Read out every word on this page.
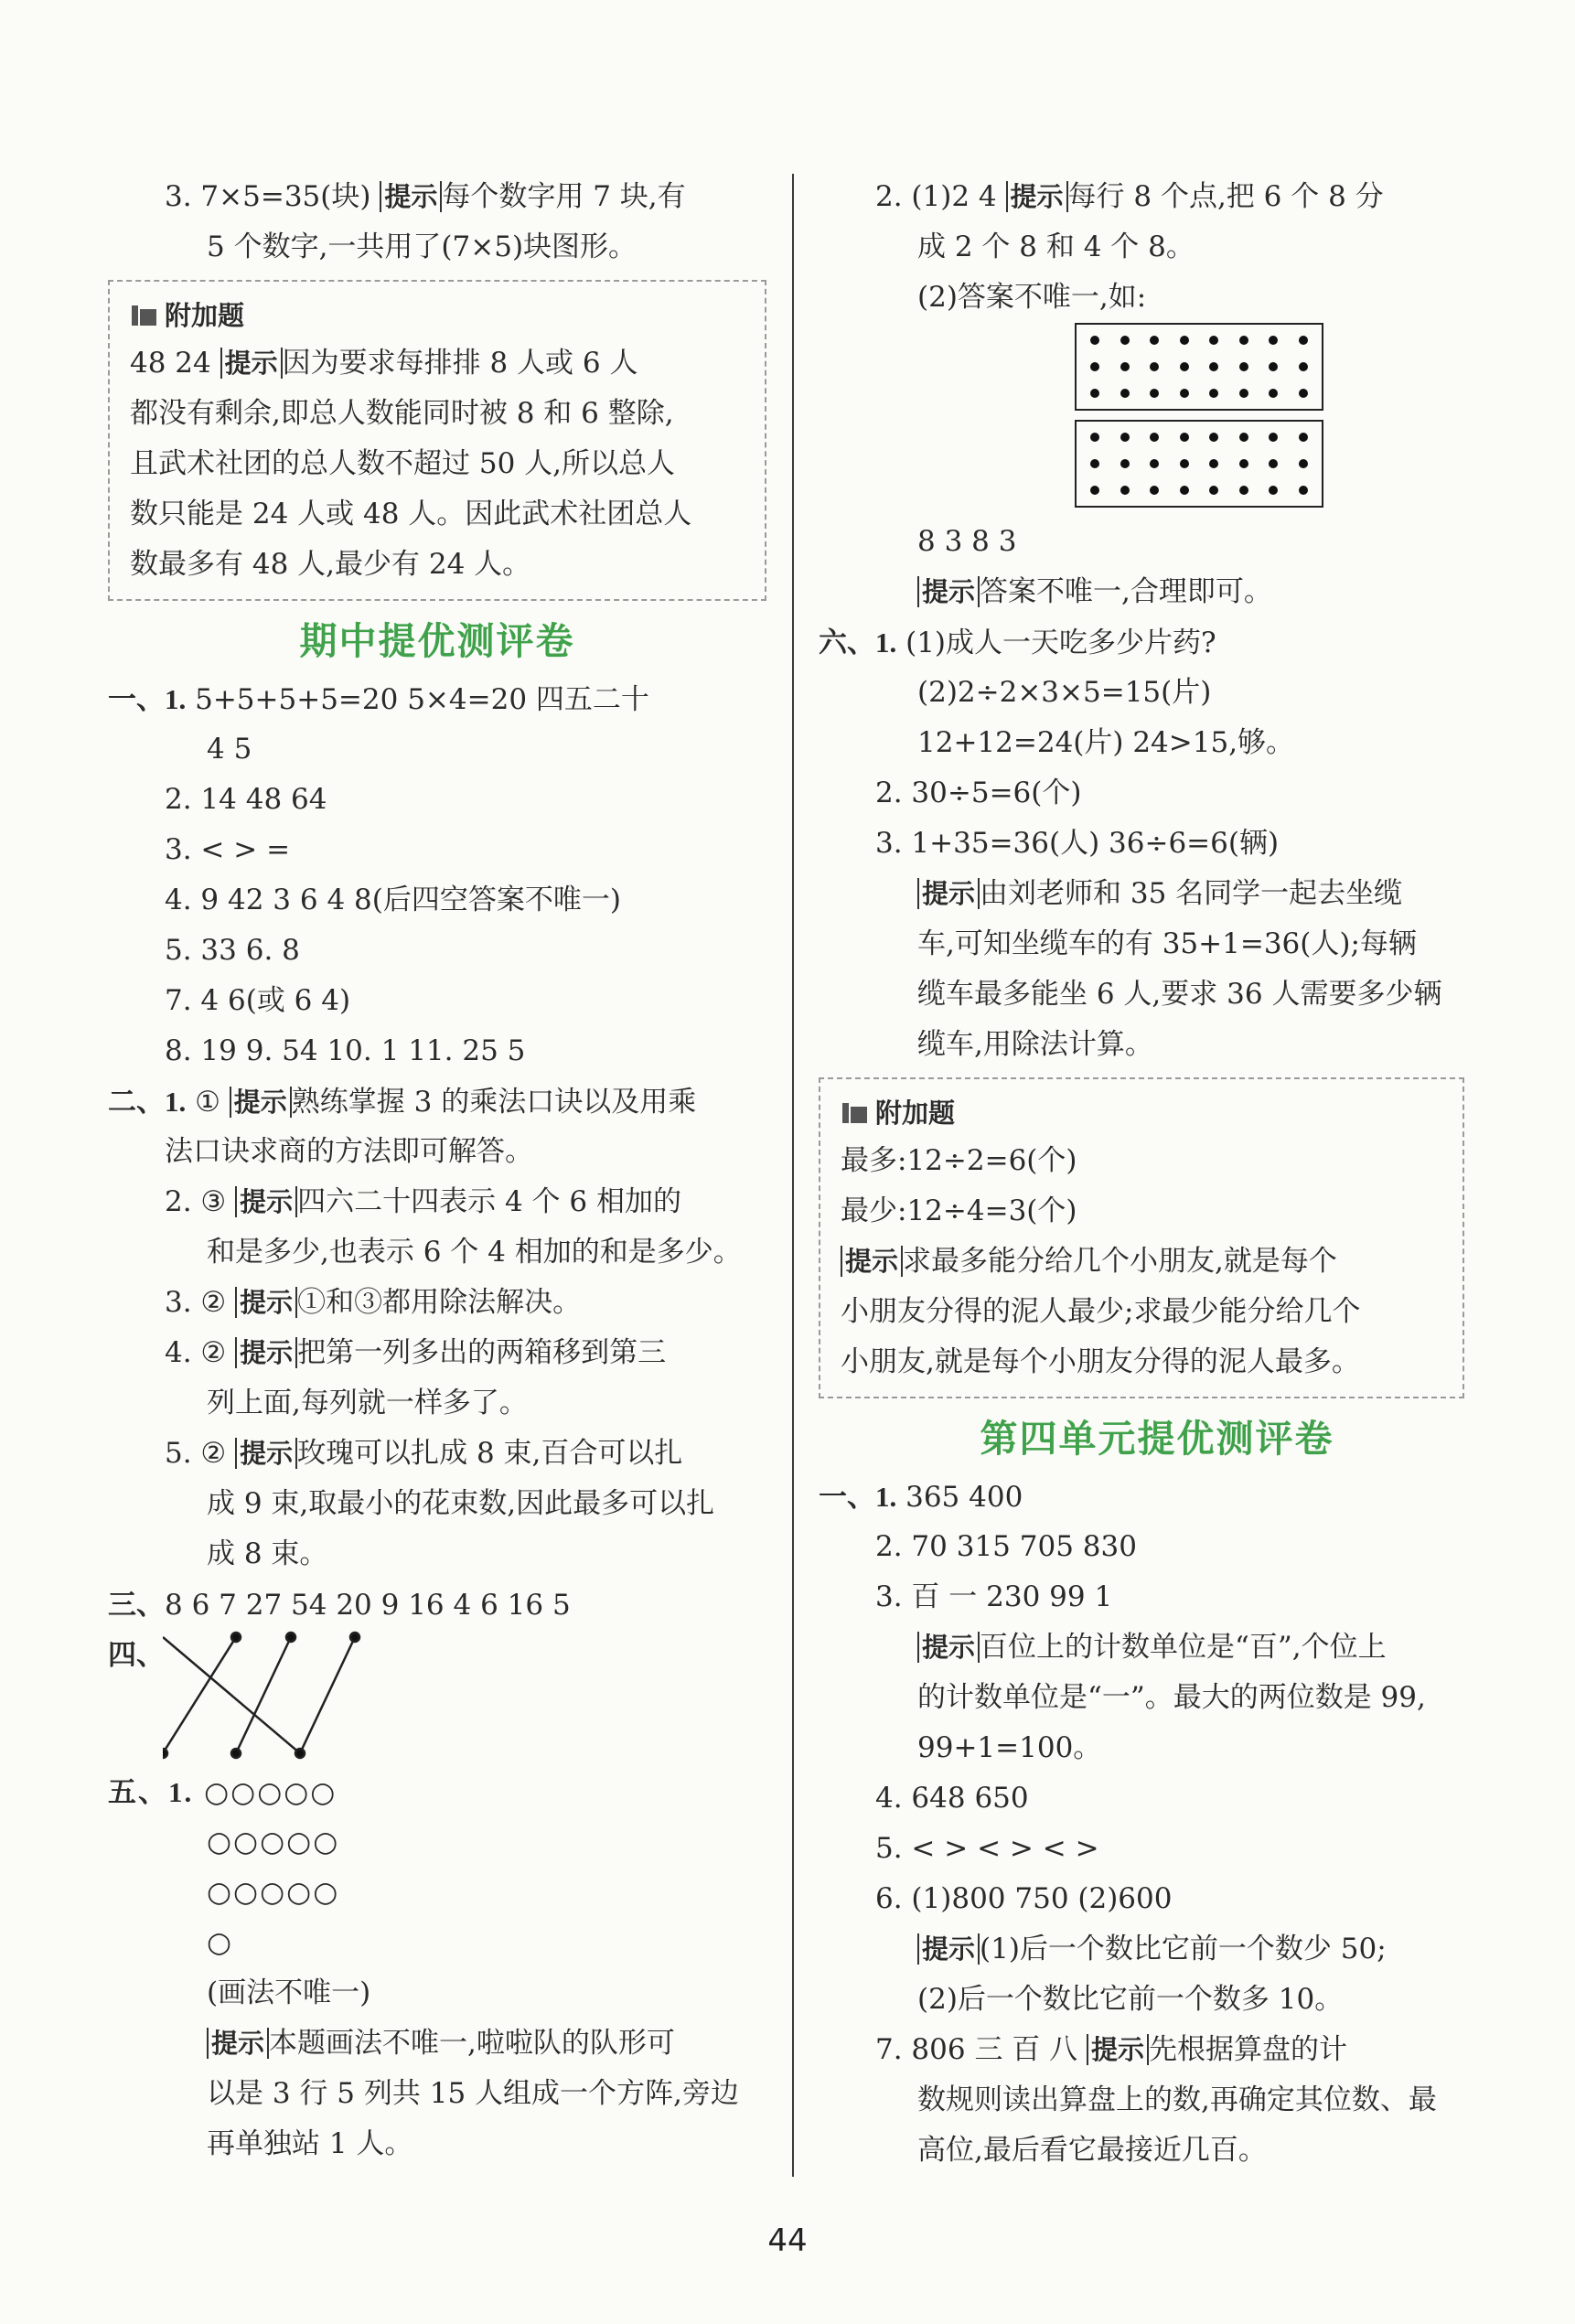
3. 7×5=35(块) 提示 每个数字用 7 块,有
5 个数字,一共用了(7×5)块图形。
附加题
48 24 提示 因为要求每排排 8 人或 6 人
都没有剩余,即总人数能同时被 8 和 6 整除,
且武术社团的总人数不超过 50 人,所以总人
数只能是 24 人或 48 人。因此武术社团总人
数最多有 48 人,最少有 24 人。
期中提优测评卷
一、1. 5+5+5+5=20 5×4=20 四五二十
4 5
2. 14 48 64
3. < > =
4. 9 42 3 6 4 8(后四空答案不唯一)
5. 33 6. 8
7. 4 6(或 6 4)
8. 19 9. 54 10. 1 11. 25 5
二、1. ① 提示 熟练掌握 3 的乘法口诀以及用乘
法口诀求商的方法即可解答。
2. ③ 提示 四六二十四表示 4 个 6 相加的
和是多少,也表示 6 个 4 相加的和是多少。
3. ② 提示 ①和③都用除法解决。
4. ② 提示 把第一列多出的两箱移到第三
列上面,每列就一样多了。
5. ② 提示 玫瑰可以扎成 8 束,百合可以扎
成 9 束,取最小的花束数,因此最多可以扎
成 8 束。
三、8 6 7 27 54 20 9 16 4 6 16 5
四、
五、1. ○○○○○
○○○○○
○○○○○
○
(画法不唯一)
提示 本题画法不唯一,啦啦队的队形可
以是 3 行 5 列共 15 人组成一个方阵,旁边
再单独站 1 人。
2. (1)2 4 提示 每行 8 个点,把 6 个 8 分
成 2 个 8 和 4 个 8。
(2)答案不唯一,如:
8 3 8 3
提示 答案不唯一,合理即可。
六、1. (1)成人一天吃多少片药?
(2)2÷2×3×5=15(片)
12+12=24(片) 24>15,够。
2. 30÷5=6(个)
3. 1+35=36(人) 36÷6=6(辆)
提示 由刘老师和 35 名同学一起去坐缆
车,可知坐缆车的有 35+1=36(人);每辆
缆车最多能坐 6 人,要求 36 人需要多少辆
缆车,用除法计算。
附加题
最多:12÷2=6(个)
最少:12÷4=3(个)
提示 求最多能分给几个小朋友,就是每个
小朋友分得的泥人最少;求最少能分给几个
小朋友,就是每个小朋友分得的泥人最多。
第四单元提优测评卷
一、1. 365 400
2. 70 315 705 830
3. 百 一 230 99 1
提示 百位上的计数单位是“百”,个位上
的计数单位是“一”。最大的两位数是 99,
99+1=100。
4. 648 650
5. < > < > < >
6. (1)800 750 (2)600
提示 (1)后一个数比它前一个数少 50;
(2)后一个数比它前一个数多 10。
7. 806 三 百 八 提示 先根据算盘的计
数规则读出算盘上的数,再确定其位数、最
高位,最后看它最接近几百。
44
